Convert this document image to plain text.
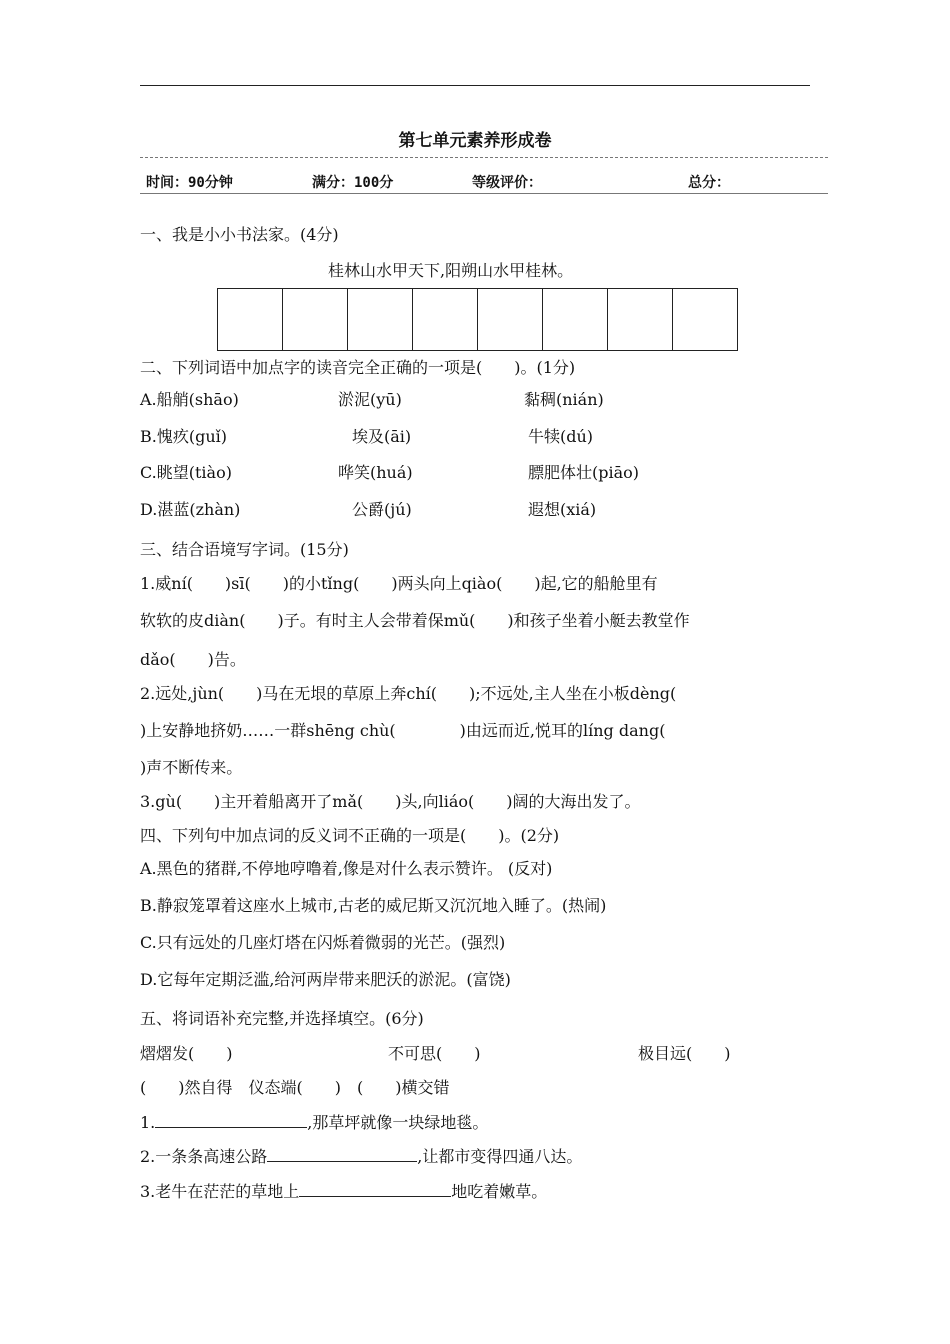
第七单元素养形成卷
时间：90分钟	满分：100分	等级评价：	总分：
一、我是小小书法家。(4分)
桂林山水甲天下,阳朔山水甲桂林。
二、下列词语中加点字的读音完全正确的一项是(　　)。(1分)
A.船艄(shāo)	淤泥(yū)	黏稠(nián)
B.愧疚(guǐ)	埃及(āi)	牛犊(dú)
C.眺望(tiào)	哗笑(huá)	膘肥体壮(piāo)
D.湛蓝(zhàn)	公爵(jú)	遐想(xiá)
三、结合语境写字词。(15分)
1.威ní(　　)sī(　　)的小tǐng(　　)两头向上qiào(　　)起,它的船舱里有
软软的皮diàn(　　)子。有时主人会带着保mǔ(　　)和孩子坐着小艇去教堂作
dǎo(　　)告。
2.远处,jùn(　　)马在无垠的草原上奔chí(　　);不远处,主人坐在小板dèng(
)上安静地挤奶……一群shēng chù(　　　　)由远而近,悦耳的líng dang(
)声不断传来。
3.gù(　　)主开着船离开了mǎ(　　)头,向liáo(　　)阔的大海出发了。
四、下列句中加点词的反义词不正确的一项是(　　)。(2分)
A.黑色的猪群,不停地哼噜着,像是对什么表示赞许。 (反对)
B.静寂笼罩着这座水上城市,古老的威尼斯又沉沉地入睡了。(热闹)
C.只有远处的几座灯塔在闪烁着微弱的光芒。(强烈)
D.它每年定期泛滥,给河两岸带来肥沃的淤泥。(富饶)
五、将词语补充完整,并选择填空。(6分)
熠熠发(　　)	不可思(　　)	极目远(　　)
(　　)然自得　仪态端(　　)　(　　)横交错
1.	,那草坪就像一块绿地毯。
2.一条条高速公路	,让都市变得四通八达。
3.老牛在茫茫的草地上	地吃着嫩草。
